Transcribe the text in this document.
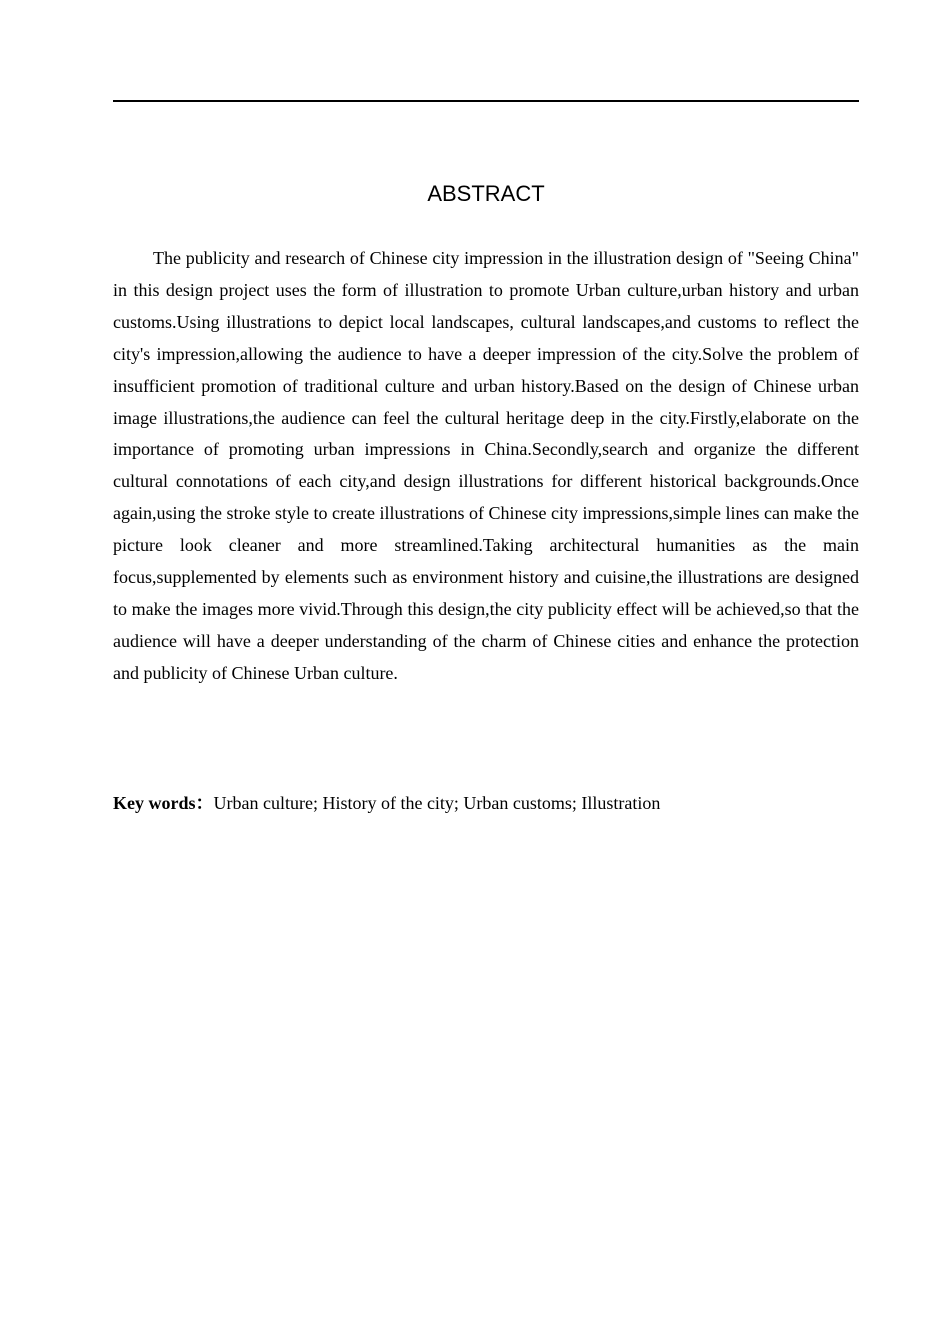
ABSTRACT

The publicity and research of Chinese city impression in the illustration design of "Seeing China" in this design project uses the form of illustration to promote Urban culture,urban history and urban customs.Using illustrations to depict local landscapes, cultural landscapes,and customs to reflect the city's impression,allowing the audience to have a deeper impression of the city.Solve the problem of insufficient promotion of traditional culture and urban history.Based on the design of Chinese urban image illustrations,the audience can feel the cultural heritage deep in the city.Firstly,elaborate on the importance of promoting urban impressions in China.Secondly,search and organize the different cultural connotations of each city,and design illustrations for different historical backgrounds.Once again,using the stroke style to create illustrations of Chinese city impressions,simple lines can make the picture look cleaner and more streamlined.Taking architectural humanities as the main focus,supplemented by elements such as environment history and cuisine,the illustrations are designed to make the images more vivid.Through this design,the city publicity effect will be achieved,so that the audience will have a deeper understanding of the charm of Chinese cities and enhance the protection and publicity of Chinese Urban culture.

Key words：Urban culture; History of the city; Urban customs; Illustration
